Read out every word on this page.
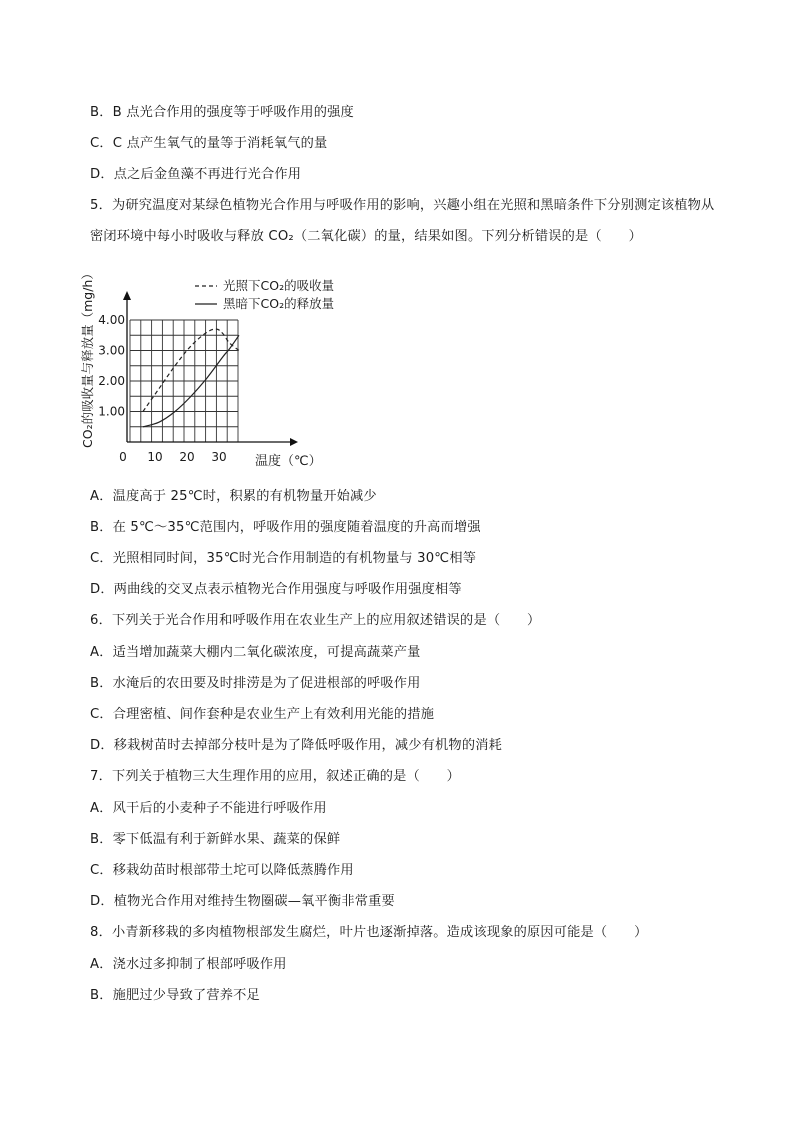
B．B 点光合作用的强度等于呼吸作用的强度
C．C 点产生氧气的量等于消耗氧气的量
D．点之后金鱼藻不再进行光合作用
5．为研究温度对某绿色植物光合作用与呼吸作用的影响，兴趣小组在光照和黑暗条件下分别测定该植物从
密闭环境中每小时吸收与释放 CO₂（二氧化碳）的量，结果如图。下列分析错误的是（　　）
0 10 20 30
1.00
2.00
3.00
4.00
温度（℃）
CO₂的吸收量与释放量（mg/h）	光照下CO₂的吸收量
黑暗下CO₂的释放量
A．温度高于 25℃时，积累的有机物量开始减少
B．在 5℃～35℃范围内，呼吸作用的强度随着温度的升高而增强
C．光照相同时间，35℃时光合作用制造的有机物量与 30℃相等
D．两曲线的交叉点表示植物光合作用强度与呼吸作用强度相等
6．下列关于光合作用和呼吸作用在农业生产上的应用叙述错误的是（　　）
A．适当增加蔬菜大棚内二氧化碳浓度，可提高蔬菜产量
B．水淹后的农田要及时排涝是为了促进根部的呼吸作用
C．合理密植、间作套种是农业生产上有效利用光能的措施
D．移栽树苗时去掉部分枝叶是为了降低呼吸作用，减少有机物的消耗
7．下列关于植物三大生理作用的应用，叙述正确的是（　　）
A．风干后的小麦种子不能进行呼吸作用
B．零下低温有利于新鲜水果、蔬菜的保鲜
C．移栽幼苗时根部带土坨可以降低蒸腾作用
D．植物光合作用对维持生物圈碳—氧平衡非常重要
8．小青新移栽的多肉植物根部发生腐烂，叶片也逐渐掉落。造成该现象的原因可能是（　　）
A．浇水过多抑制了根部呼吸作用
B．施肥过少导致了营养不足
